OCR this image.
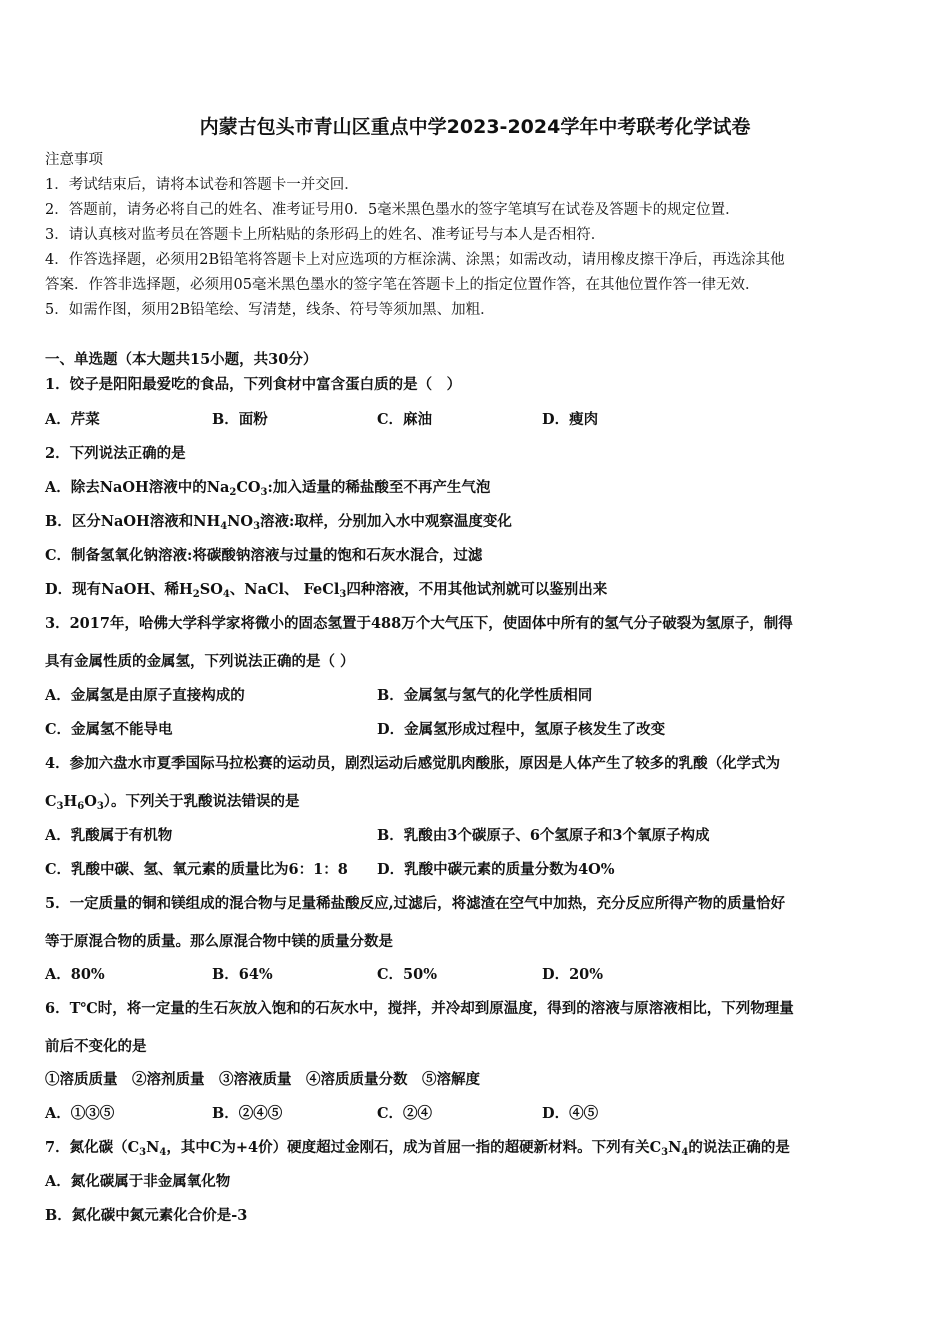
内蒙古包头市青山区重点中学2023-2024学年中考联考化学试卷
注意事项
1．考试结束后，请将本试卷和答题卡一并交回．
2．答题前，请务必将自己的姓名、准考证号用0．5毫米黑色墨水的签字笔填写在试卷及答题卡的规定位置．
3．请认真核对监考员在答题卡上所粘贴的条形码上的姓名、准考证号与本人是否相符．
4．作答选择题，必须用2B铅笔将答题卡上对应选项的方框涂满、涂黑；如需改动，请用橡皮擦干净后，再选涂其他
答案．作答非选择题，必须用05毫米黑色墨水的签字笔在答题卡上的指定位置作答，在其他位置作答一律无效．
5．如需作图，须用2B铅笔绘、写清楚，线条、符号等须加黑、加粗．
一、单选题（本大题共15小题，共30分）
1．饺子是阳阳最爱吃的食品，下列食材中富含蛋白质的是（　）
A．芹菜	B．面粉	C．麻油	D．瘦肉
2．下列说法正确的是
A．除去NaOH溶液中的$Na_2CO_3$:加入适量的稀盐酸至不再产生气泡
B．区分NaOH溶液和$NH_4NO_3$溶液:取样，分别加入水中观察温度变化
C．制备氢氧化钠溶液:将碳酸钠溶液与过量的饱和石灰水混合，过滤
D．现有NaOH、稀$H_2SO_4$、NaCl、 FeCl$_3$四种溶液，不用其他试剂就可以鉴别出来
3．2017年，哈佛大学科学家将微小的固态氢置于488万个大气压下，使固体中所有的氢气分子破裂为氢原子，制得
具有金属性质的金属氢，下列说法正确的是（ ）
A．金属氢是由原子直接构成的	B．金属氢与氢气的化学性质相同
C．金属氢不能导电	D．金属氢形成过程中，氢原子核发生了改变
4．参加六盘水市夏季国际马拉松赛的运动员，剧烈运动后感觉肌肉酸胀，原因是人体产生了较多的乳酸（化学式为
$C_3H_6O_3$）。下列关于乳酸说法错误的是
A．乳酸属于有机物	B．乳酸由3个碳原子、6个氢原子和3个氧原子构成
C．乳酸中碳、氢、氧元素的质量比为6：1：8 D．乳酸中碳元素的质量分数为4O%
5．一定质量的铜和镁组成的混合物与足量稀盐酸反应,过滤后，将滤渣在空气中加热，充分反应所得产物的质量恰好
等于原混合物的质量。那么原混合物中镁的质量分数是
A．80%	B．64%	C．50%	D．20%
6．T℃时，将一定量的生石灰放入饱和的石灰水中，搅拌，并冷却到原温度，得到的溶液与原溶液相比，下列物理量
前后不变化的是
①溶质质量　②溶剂质量　③溶液质量　④溶质质量分数　⑤溶解度
A．①③⑤	B．②④⑤	C．②④	D．④⑤
7．氮化碳（$C_3N_4$，其中C为+4价）硬度超过金刚石，成为首屈一指的超硬新材料。下列有关$C_3N_4$的说法正确的是
A．氮化碳属于非金属氧化物
B．氮化碳中氮元素化合价是-3
